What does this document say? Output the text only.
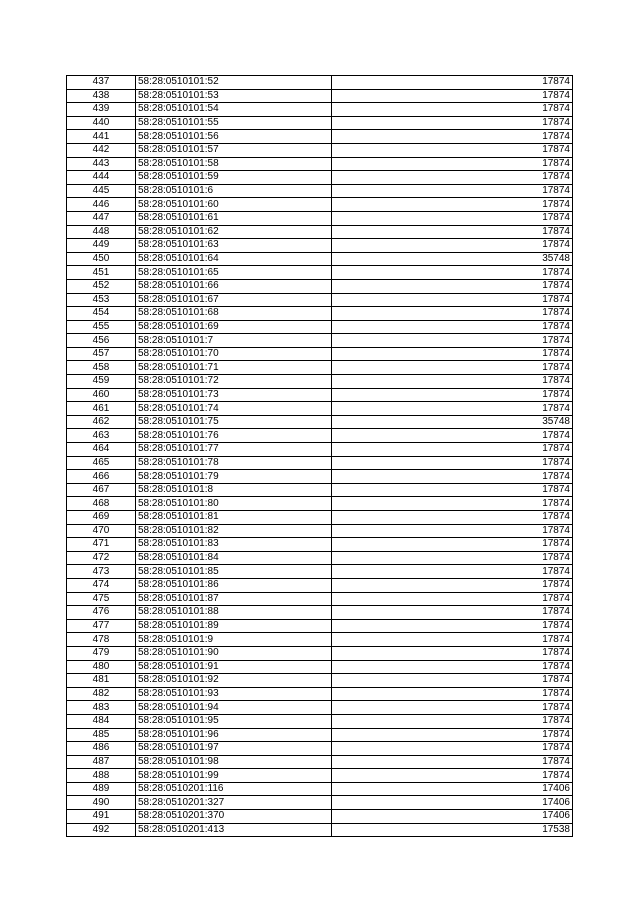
437	58:28:0510101:52	17874
438	58:28:0510101:53	17874
439	58:28:0510101:54	17874
440	58:28:0510101:55	17874
441	58:28:0510101:56	17874
442	58:28:0510101:57	17874
443	58:28:0510101:58	17874
444	58:28:0510101:59	17874
445	58:28:0510101:6	17874
446	58:28:0510101:60	17874
447	58:28:0510101:61	17874
448	58:28:0510101:62	17874
449	58:28:0510101:63	17874
450	58:28:0510101:64	35748
451	58:28:0510101:65	17874
452	58:28:0510101:66	17874
453	58:28:0510101:67	17874
454	58:28:0510101:68	17874
455	58:28:0510101:69	17874
456	58:28:0510101:7	17874
457	58:28:0510101:70	17874
458	58:28:0510101:71	17874
459	58:28:0510101:72	17874
460	58:28:0510101:73	17874
461	58:28:0510101:74	17874
462	58:28:0510101:75	35748
463	58:28:0510101:76	17874
464	58:28:0510101:77	17874
465	58:28:0510101:78	17874
466	58:28:0510101:79	17874
467	58:28:0510101:8	17874
468	58:28:0510101:80	17874
469	58:28:0510101:81	17874
470	58:28:0510101:82	17874
471	58:28:0510101:83	17874
472	58:28:0510101:84	17874
473	58:28:0510101:85	17874
474	58:28:0510101:86	17874
475	58:28:0510101:87	17874
476	58:28:0510101:88	17874
477	58:28:0510101:89	17874
478	58:28:0510101:9	17874
479	58:28:0510101:90	17874
480	58:28:0510101:91	17874
481	58:28:0510101:92	17874
482	58:28:0510101:93	17874
483	58:28:0510101:94	17874
484	58:28:0510101:95	17874
485	58:28:0510101:96	17874
486	58:28:0510101:97	17874
487	58:28:0510101:98	17874
488	58:28:0510101:99	17874
489	58:28:0510201:116	17406
490	58:28:0510201:327	17406
491	58:28:0510201:370	17406
492	58:28:0510201:413	17538
